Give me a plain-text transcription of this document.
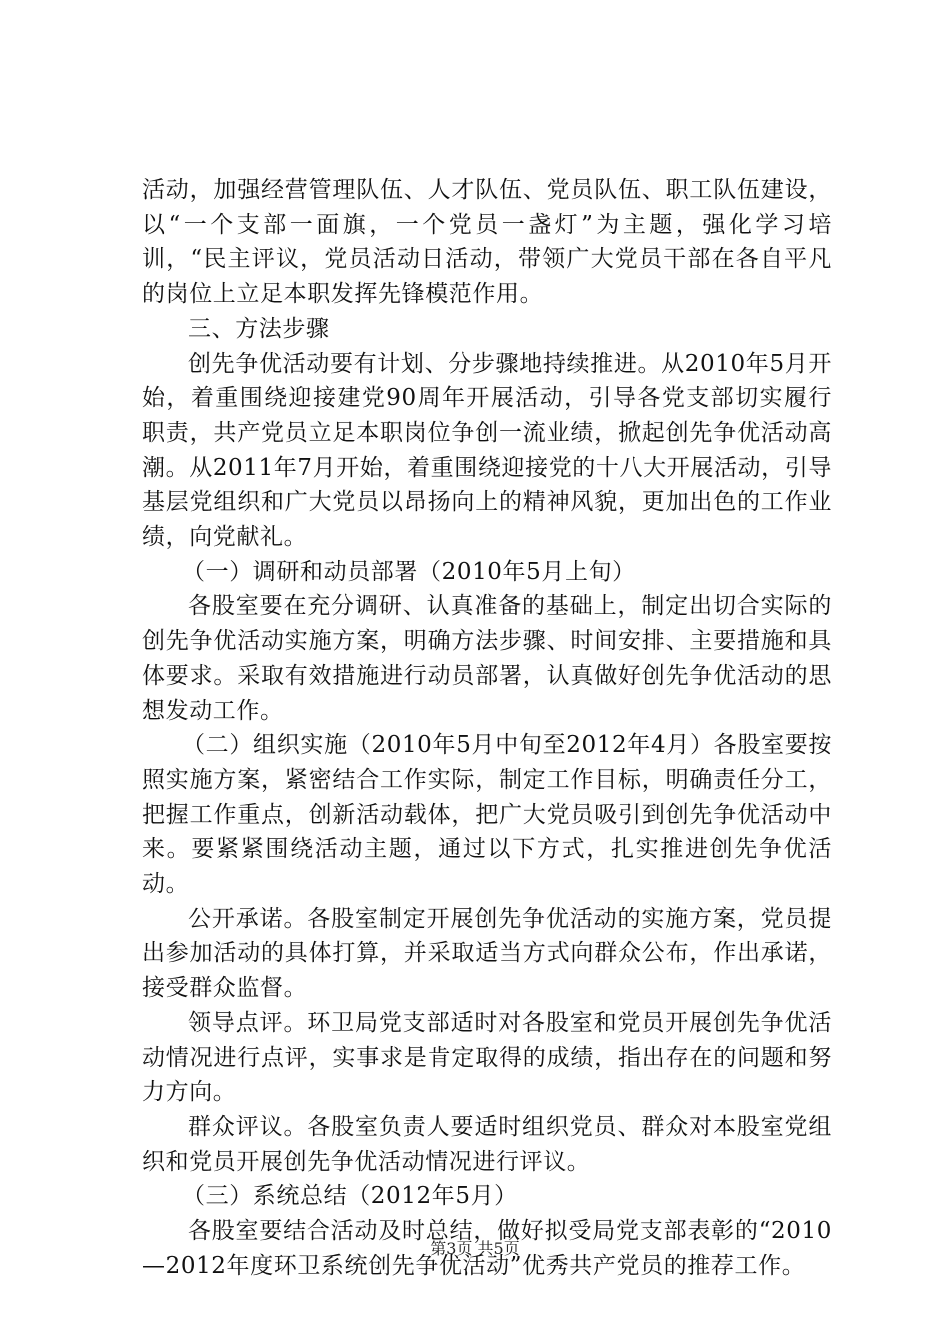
活动，加强经营管理队伍、人才队伍、党员队伍、职工队伍建设，以“一个支部一面旗，一个党员一盏灯”为主题，强化学习培训，“民主评议，党员活动日活动，带领广大党员干部在各自平凡的岗位上立足本职发挥先锋模范作用。

三、方法步骤

创先争优活动要有计划、分步骤地持续推进。从2010年5月开始，着重围绕迎接建党90周年开展活动，引导各党支部切实履行职责，共产党员立足本职岗位争创一流业绩，掀起创先争优活动高潮。从2011年7月开始，着重围绕迎接党的十八大开展活动，引导基层党组织和广大党员以昂扬向上的精神风貌，更加出色的工作业绩，向党献礼。

（一）调研和动员部署（2010年5月上旬）

各股室要在充分调研、认真准备的基础上，制定出切合实际的创先争优活动实施方案，明确方法步骤、时间安排、主要措施和具体要求。采取有效措施进行动员部署，认真做好创先争优活动的思想发动工作。

（二）组织实施（2010年5月中旬至2012年4月）各股室要按照实施方案，紧密结合工作实际，制定工作目标，明确责任分工，把握工作重点，创新活动载体，把广大党员吸引到创先争优活动中来。要紧紧围绕活动主题，通过以下方式，扎实推进创先争优活动。

公开承诺。各股室制定开展创先争优活动的实施方案，党员提出参加活动的具体打算，并采取适当方式向群众公布，作出承诺，接受群众监督。

领导点评。环卫局党支部适时对各股室和党员开展创先争优活动情况进行点评，实事求是肯定取得的成绩，指出存在的问题和努力方向。

群众评议。各股室负责人要适时组织党员、群众对本股室党组织和党员开展创先争优活动情况进行评议。

（三）系统总结（2012年5月）

各股室要结合活动及时总结，做好拟受局党支部表彰的“2010—2012年度环卫系统创先争优活动”优秀共产党员的推荐工作。

第3页 共5页
